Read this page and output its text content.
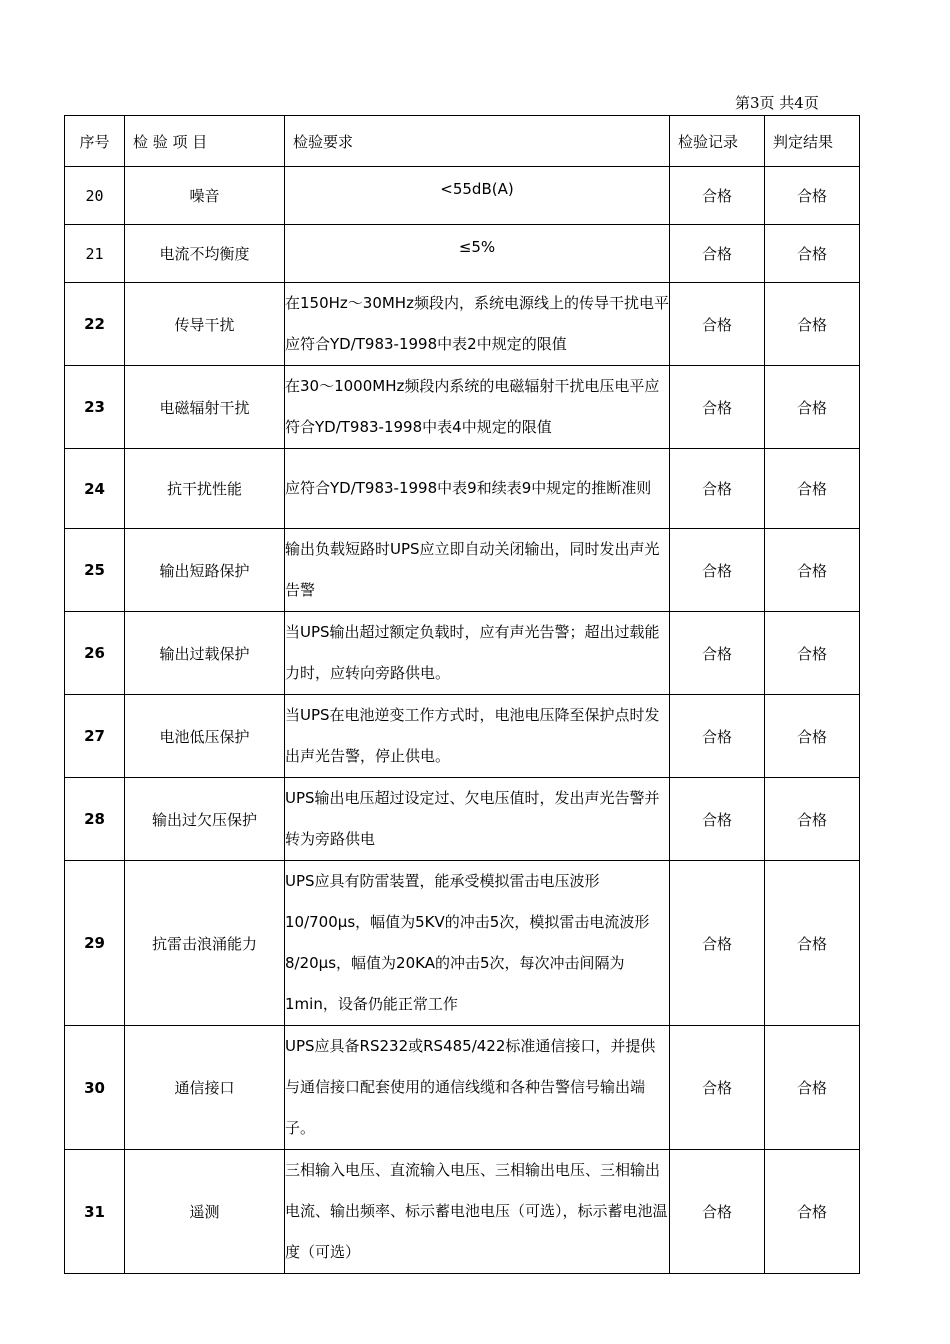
第3页 共4页
序号	检 验 项 目	检验要求	检验记录	判定结果
20	噪音	<55dB(A)	合格	合格
21	电流不均衡度	≤5%	合格	合格
22	传导干扰	在150Hz～30MHz频段内，系统电源线上的传导干扰电平应符合YD/T983-1998中表2中规定的限值	合格	合格
23	电磁辐射干扰	在30～1000MHz频段内系统的电磁辐射干扰电压电平应符合YD/T983-1998中表4中规定的限值	合格	合格
24	抗干扰性能	应符合YD/T983-1998中表9和续表9中规定的推断准则	合格	合格
25	输出短路保护	输出负载短路时UPS应立即自动关闭输出，同时发出声光告警	合格	合格
26	输出过载保护	当UPS输出超过额定负载时，应有声光告警；超出过载能力时，应转向旁路供电。	合格	合格
27	电池低压保护	当UPS在电池逆变工作方式时，电池电压降至保护点时发出声光告警，停止供电。	合格	合格
28	输出过欠压保护	UPS输出电压超过设定过、欠电压值时，发出声光告警并转为旁路供电	合格	合格
29	抗雷击浪涌能力	UPS应具有防雷装置，能承受模拟雷击电压波形10/700µs，幅值为5KV的冲击5次，模拟雷击电流波形8/20µs，幅值为20KA的冲击5次，每次冲击间隔为1min，设备仍能正常工作	合格	合格
30	通信接口	UPS应具备RS232或RS485/422标准通信接口，并提供与通信接口配套使用的通信线缆和各种告警信号输出端子。	合格	合格
31	遥测	三相输入电压、直流输入电压、三相输出电压、三相输出电流、输出频率、标示蓄电池电压（可选），标示蓄电池温度（可选）	合格	合格
